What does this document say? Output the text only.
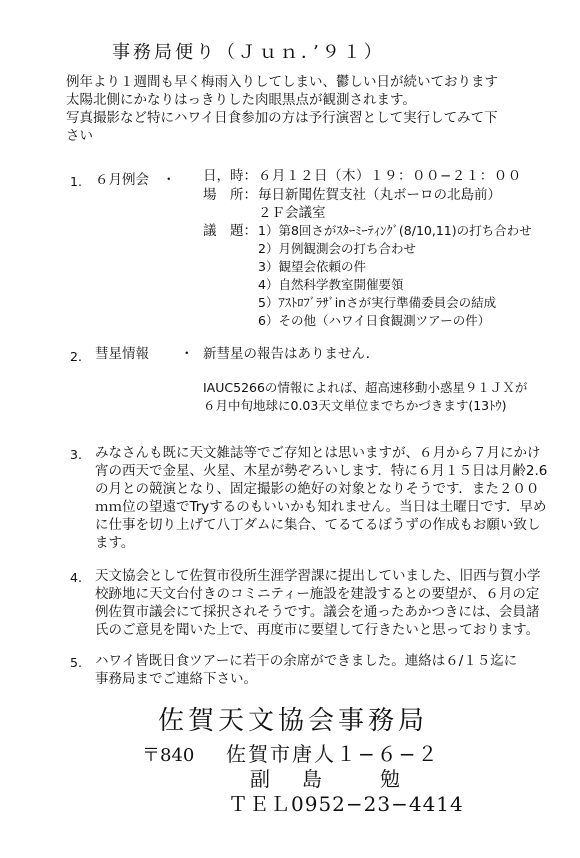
事務局便り（Ｊｕｎ．’９１）
例年より１週間も早く梅雨入りしてしまい、鬱しい日が続いております
太陽北側にかなりはっきりした肉眼黒点が観測されます。
写真撮影など特にハワイ日食参加の方は予行演習として実行してみて下
さい
1. ６月例会 ・ 日，時： ６月１２日（木）１９：００−２１：００
場　所： 毎日新聞佐賀支社（丸ボーロの北島前）
２Ｆ会議室
議　題： 1）第8回さがｽﾀｰﾐｰﾃｨﾝｸﾞ(8/10,11)の打ち合わせ
2）月例観測会の打ち合わせ
3）観望会依頼の件
4）自然科学教室開催要領
5）ｱｽﾄﾛﾌﾞﾗｻﾞinさが実行準備委員会の結成
6）その他（ハワイ日食観測ツアーの件）
2. 彗星情報 ・ 新彗星の報告はありません．
IAUC5266の情報によれば、超高速移動小惑星９１ＪＸが
６月中旬地球に0.03天文単位までちかづきます(13ﾄｳ)
3. みなさんも既に天文雑誌等でご存知とは思いますが、６月から７月にかけ
宵の西天で金星、火星、木星が勢ぞろいします．特に６月１５日は月齢2.6
の月との競演となり、固定撮影の絶好の対象となりそうです．また２００
ｍｍ位の望遠でTryするのもいいかも知れません。当日は土曜日です．早め
に仕事を切り上げて八丁ダムに集合、てるてるぼうずの作成もお願い致し
ます。
4. 天文協会として佐賀市役所生涯学習課に提出していました、旧西与賀小学
校跡地に天文台付きのコミニティー施設を建設するとの要望が、６月の定
例佐賀市議会にて採択されそうです。議会を通ったあかつきには、会員諸
氏のご意見を聞いた上で、再度市に要望して行きたいと思っております。
5. ハワイ皆既日食ツアーに若干の余席ができました。連絡は６/１５迄に
事務局までご連絡下さい。
佐賀天文協会事務局
〒840 佐賀市唐人１−６−２
副　島　　勉
ＴＥＬ0952−23−4414
